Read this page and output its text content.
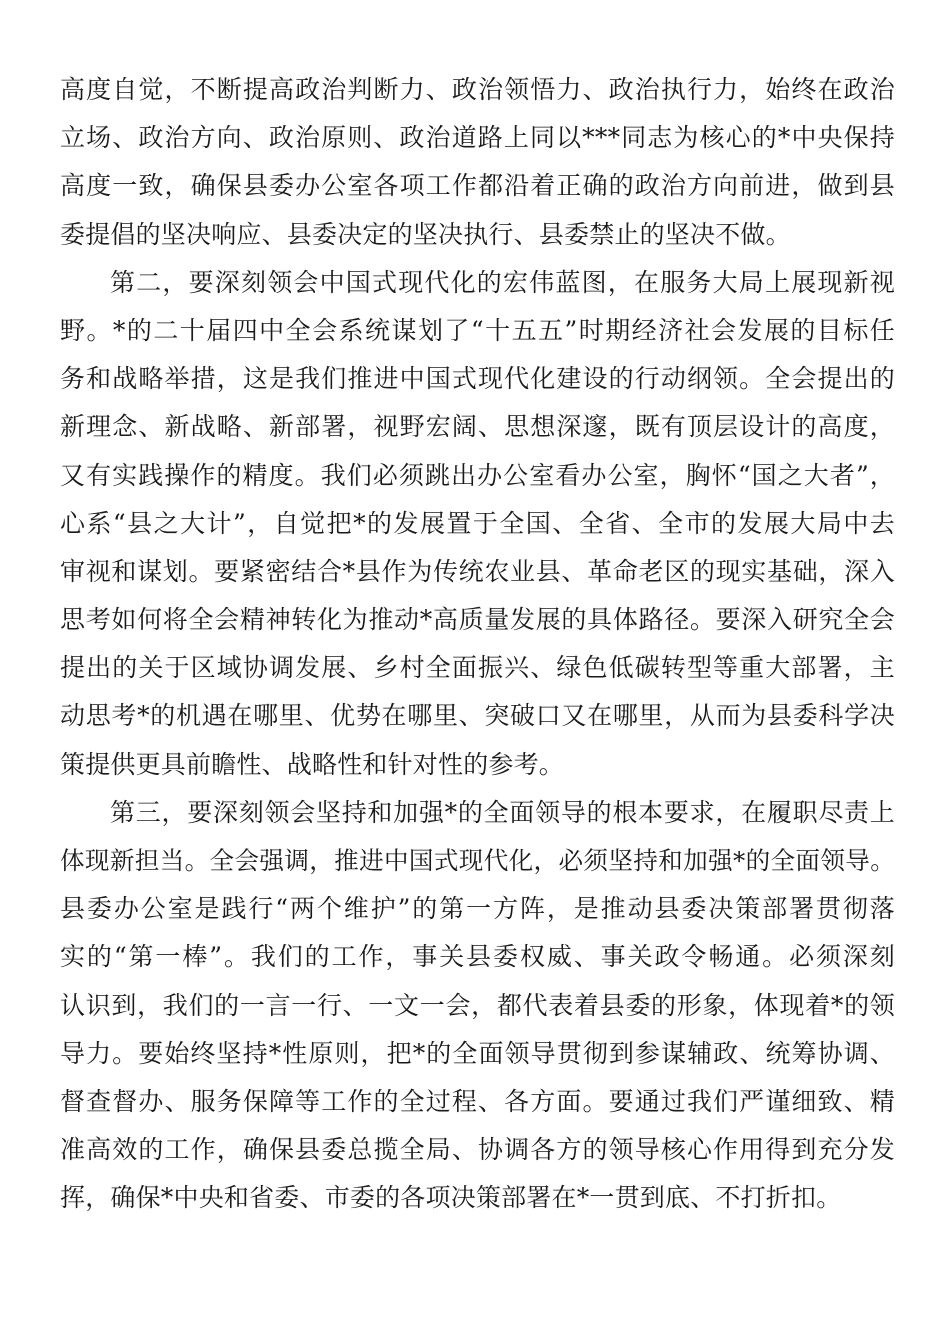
高度自觉，不断提高政治判断力、政治领悟力、政治执行力，始终在政治
立场、政治方向、政治原则、政治道路上同以***同志为核心的*中央保持
高度一致，确保县委办公室各项工作都沿着正确的政治方向前进，做到县
委提倡的坚决响应、县委决定的坚决执行、县委禁止的坚决不做。
第二，要深刻领会中国式现代化的宏伟蓝图，在服务大局上展现新视
野。*的二十届四中全会系统谋划了“十五五”时期经济社会发展的目标任
务和战略举措，这是我们推进中国式现代化建设的行动纲领。全会提出的
新理念、新战略、新部署，视野宏阔、思想深邃，既有顶层设计的高度，
又有实践操作的精度。我们必须跳出办公室看办公室，胸怀“国之大者”，
心系“县之大计”，自觉把*的发展置于全国、全省、全市的发展大局中去
审视和谋划。要紧密结合*县作为传统农业县、革命老区的现实基础，深入
思考如何将全会精神转化为推动*高质量发展的具体路径。要深入研究全会
提出的关于区域协调发展、乡村全面振兴、绿色低碳转型等重大部署，主
动思考*的机遇在哪里、优势在哪里、突破口又在哪里，从而为县委科学决
策提供更具前瞻性、战略性和针对性的参考。
第三，要深刻领会坚持和加强*的全面领导的根本要求，在履职尽责上
体现新担当。全会强调，推进中国式现代化，必须坚持和加强*的全面领导。
县委办公室是践行“两个维护”的第一方阵，是推动县委决策部署贯彻落
实的“第一棒”。我们的工作，事关县委权威、事关政令畅通。必须深刻
认识到，我们的一言一行、一文一会，都代表着县委的形象，体现着*的领
导力。要始终坚持*性原则，把*的全面领导贯彻到参谋辅政、统筹协调、
督查督办、服务保障等工作的全过程、各方面。要通过我们严谨细致、精
准高效的工作，确保县委总揽全局、协调各方的领导核心作用得到充分发
挥，确保*中央和省委、市委的各项决策部署在*一贯到底、不打折扣。
